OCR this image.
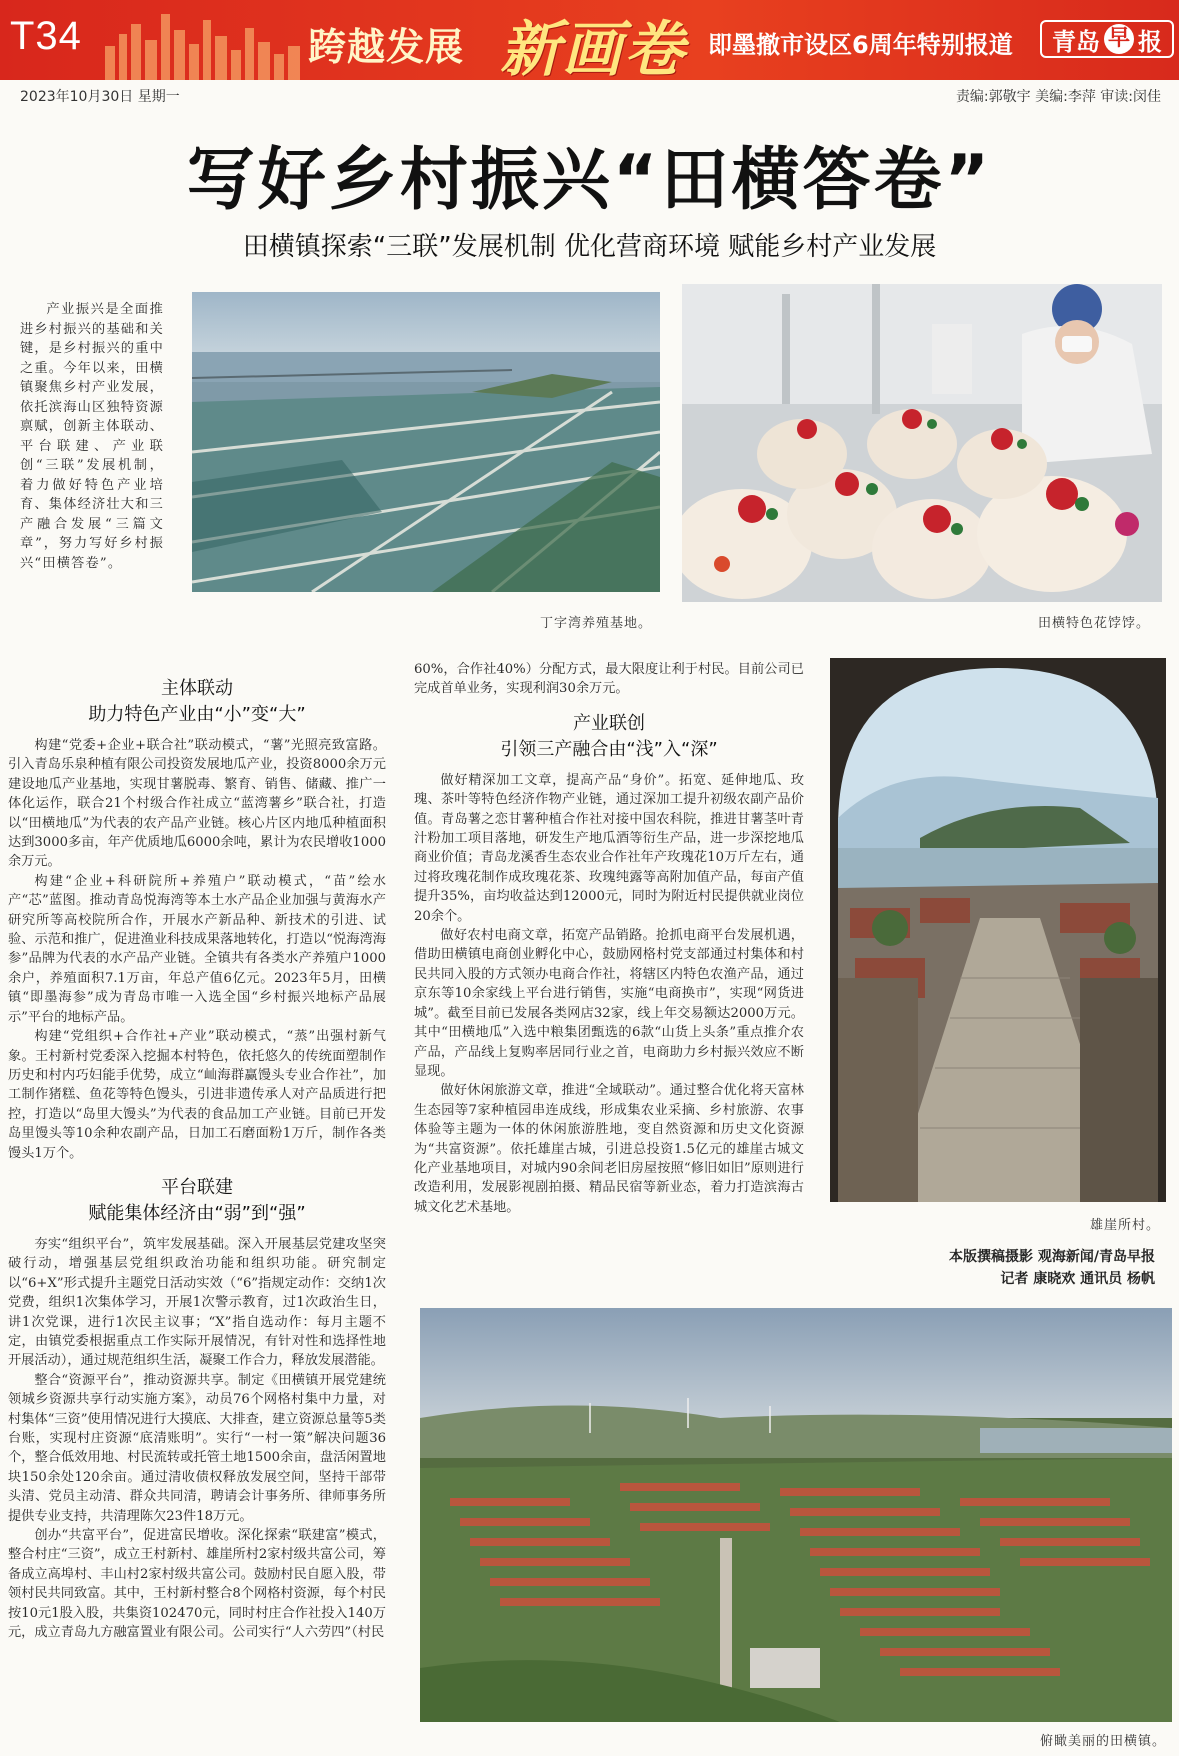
T34	跨越发展 新画卷 即墨撤市设区6周年特别报道 青岛 早 报
2023年10月30日 星期一	责编:郭敬宇 美编:李萍 审读:闵佳
写好乡村振兴“田横答卷”
田横镇探索“三联”发展机制 优化营商环境 赋能乡村产业发展

产业振兴是全面推进乡村振兴的基础和关键，是乡村振兴的重中之重。今年以来，田横镇聚焦乡村产业发展，依托滨海山区独特资源禀赋，创新主体联动、平台联建、产业联创“三联”发展机制，着力做好特色产业培育、集体经济壮大和三产融合发展“三篇文章”，努力写好乡村振兴“田横答卷”。

丁字湾养殖基地。	田横特色花饽饽。
主体联动
助力特色产业由“小”变“大”

构建“党委+企业+联合社”联动模式，“薯”光照亮致富路。引入青岛乐泉种植有限公司投资发展地瓜产业，投资8000余万元建设地瓜产业基地，实现甘薯脱毒、繁育、销售、储藏、推广一体化运作，联合21个村级合作社成立“蓝湾薯乡”联合社，打造以“田横地瓜”为代表的农产品产业链。核心片区内地瓜种植面积达到3000多亩，年产优质地瓜6000余吨，累计为农民增收1000余万元。

构建“企业+科研院所+养殖户”联动模式，“苗”绘水产“芯”蓝图。推动青岛悦海湾等本土水产品企业加强与黄海水产研究所等高校院所合作，开展水产新品种、新技术的引进、试验、示范和推广，促进渔业科技成果落地转化，打造以“悦海湾海参”品牌为代表的水产品产业链。全镇共有各类水产养殖户1000余户，养殖面积7.1万亩，年总产值6亿元。2023年5月，田横镇“即墨海参”成为青岛市唯一入选全国“乡村振兴地标产品展示”平台的地标产品。

构建“党组织+合作社+产业”联动模式，“蒸”出强村新气象。王村新村党委深入挖掘本村特色，依托悠久的传统面塑制作历史和村内巧妇能手优势，成立“屾海群赢馒头专业合作社”，加工制作猪糕、鱼花等特色馒头，引进非遗传承人对产品质进行把控，打造以“岛里大馒头”为代表的食品加工产业链。目前已开发岛里馒头等10余种农副产品，日加工石磨面粉1万斤，制作各类馒头1万个。

平台联建
赋能集体经济由“弱”到“强”

夯实“组织平台”，筑牢发展基础。深入开展基层党建攻坚突破行动，增强基层党组织政治功能和组织功能。研究制定以“6+X”形式提升主题党日活动实效（“6”指规定动作：交纳1次党费，组织1次集体学习，开展1次警示教育，过1次政治生日，讲1次党课，进行1次民主议事；“X”指自选动作：每月主题不定，由镇党委根据重点工作实际开展情况，有针对性和选择性地开展活动），通过规范组织生活，凝聚工作合力，释放发展潜能。

整合“资源平台”，推动资源共享。制定《田横镇开展党建统领城乡资源共享行动实施方案》，动员76个网格村集中力量，对村集体“三资”使用情况进行大摸底、大排查，建立资源总量等5类台账，实现村庄资源“底清账明”。实行“一村一策”解决问题36个，整合低效用地、村民流转或托管土地1500余亩，盘活闲置地块150余处120余亩。通过清收债权释放发展空间，坚持干部带头清、党员主动清、群众共同清，聘请会计事务所、律师事务所提供专业支持，共清理陈欠23件18万元。

创办“共富平台”，促进富民增收。深化探索“联建富”模式，整合村庄“三资”，成立王村新村、雄崖所村2家村级共富公司，筹备成立高埠村、丰山村2家村级共富公司。鼓励村民自愿入股，带领村民共同致富。其中，王村新村整合8个网格村资源，每个村民按10元1股入股，共集资102470元，同时村庄合作社投入140万元，成立青岛九方融富置业有限公司。公司实行“人六劳四”（村民

60%，合作社40%）分配方式，最大限度让利于村民。目前公司已完成首单业务，实现利润30余万元。

产业联创
引领三产融合由“浅”入“深”

做好精深加工文章，提高产品“身价”。拓宽、延伸地瓜、玫瑰、茶叶等特色经济作物产业链，通过深加工提升初级农副产品价值。青岛薯之恋甘薯种植合作社对接中国农科院，推进甘薯茎叶青汁粉加工项目落地，研发生产地瓜酒等衍生产品，进一步深挖地瓜商业价值；青岛龙溪香生态农业合作社年产玫瑰花10万斤左右，通过将玫瑰花制作成玫瑰花茶、玫瑰纯露等高附加值产品，每亩产值提升35%，亩均收益达到12000元，同时为附近村民提供就业岗位20余个。

做好农村电商文章，拓宽产品销路。抢抓电商平台发展机遇，借助田横镇电商创业孵化中心，鼓励网格村党支部通过村集体和村民共同入股的方式领办电商合作社，将辖区内特色农渔产品，通过京东等10余家线上平台进行销售，实施“电商换市”，实现“网货进城”。截至目前已发展各类网店32家，线上年交易额达2000万元。其中“田横地瓜”入选中粮集团甄选的6款“山货上头条”重点推介农产品，产品线上复购率居同行业之首，电商助力乡村振兴效应不断显现。

做好休闲旅游文章，推进“全域联动”。通过整合优化将天富林生态园等7家种植园串连成线，形成集农业采摘、乡村旅游、农事体验等主题为一体的休闲旅游胜地，变自然资源和历史文化资源为“共富资源”。依托雄崖古城，引进总投资1.5亿元的雄崖古城文化产业基地项目，对城内90余间老旧房屋按照“修旧如旧”原则进行改造利用，发展影视剧拍摄、精品民宿等新业态，着力打造滨海古城文化艺术基地。

雄崖所村。
本版撰稿摄影 观海新闻/青岛早报
记者 康晓欢 通讯员 杨帆
俯瞰美丽的田横镇。
